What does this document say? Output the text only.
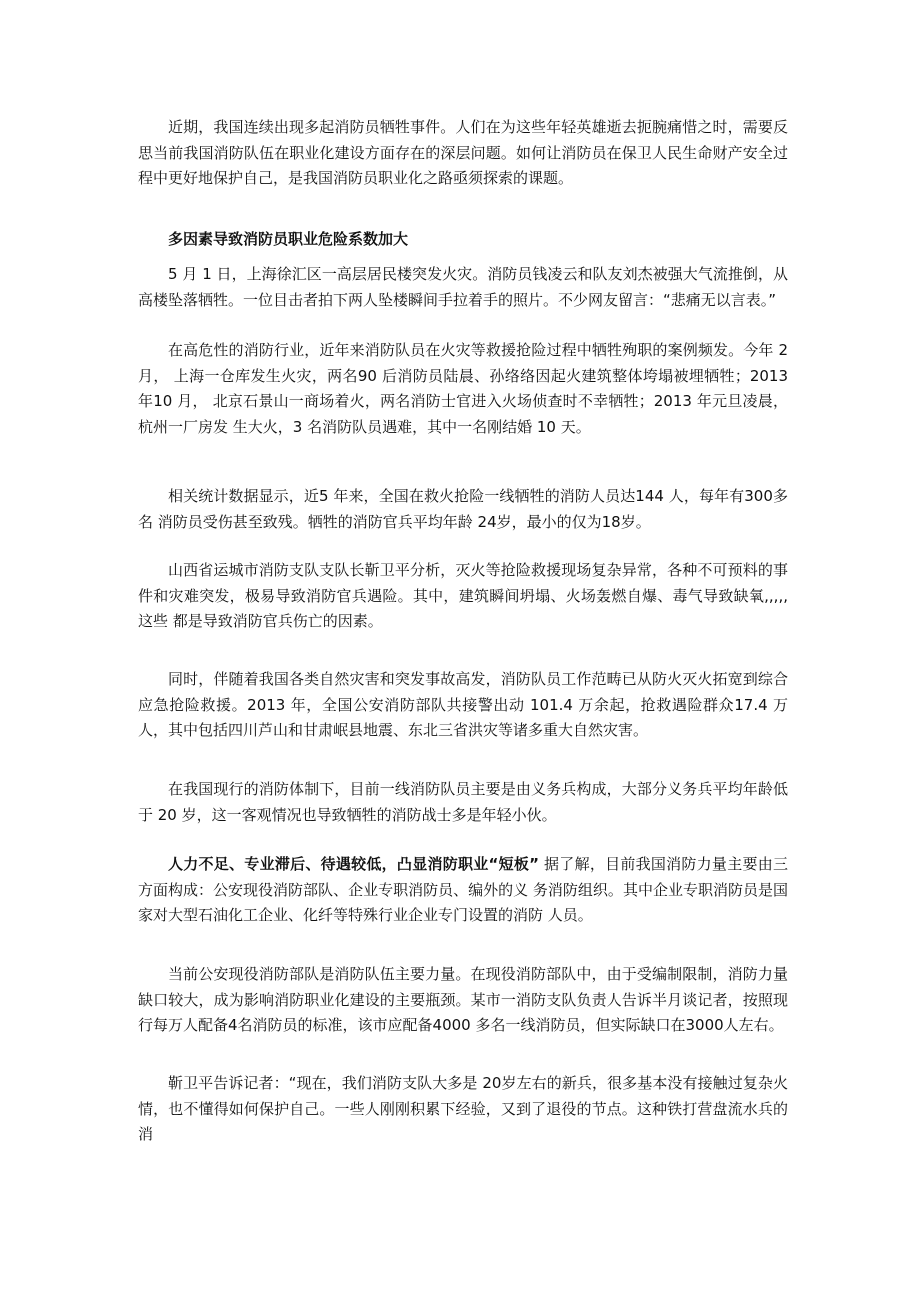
近期，我国连续出现多起消防员牺牲事件。人们在为这些年轻英雄逝去扼腕痛惜之时，需要反思当前我国消防队伍在职业化建设方面存在的深层问题。如何让消防员在保卫人民生命财产安全过程中更好地保护自己，是我国消防员职业化之路亟须探索的课题。

多因素导致消防员职业危险系数加大

5 月 1 日，上海徐汇区一高层居民楼突发火灾。消防员钱凌云和队友刘杰被强大气流推倒，从高楼坠落牺牲。一位目击者拍下两人坠楼瞬间手拉着手的照片。不少网友留言：“悲痛无以言表。”

在高危性的消防行业，近年来消防队员在火灾等救援抢险过程中牺牲殉职的案例频发。今年 2 月， 上海一仓库发生火灾，两名90 后消防员陆晨、孙络络因起火建筑整体垮塌被埋牺牲；2013 年10 月， 北京石景山一商场着火，两名消防士官进入火场侦查时不幸牺牲；2013 年元旦凌晨，杭州一厂房发 生大火，3 名消防队员遇难，其中一名刚结婚 10 天。

相关统计数据显示，近5 年来，全国在救火抢险一线牺牲的消防人员达144 人，每年有300多名 消防员受伤甚至致残。牺牲的消防官兵平均年龄 24岁，最小的仅为18岁。

山西省运城市消防支队支队长靳卫平分析，灭火等抢险救援现场复杂异常，各种不可预料的事件和灾难突发，极易导致消防官兵遇险。其中，建筑瞬间坍塌、火场轰燃自爆、毒气导致缺氧,,,,,这些 都是导致消防官兵伤亡的因素。

同时，伴随着我国各类自然灾害和突发事故高发，消防队员工作范畴已从防火灭火拓宽到综合应急抢险救援。2013 年，全国公安消防部队共接警出动 101.4 万余起，抢救遇险群众17.4 万人，其中包括四川芦山和甘肃岷县地震、东北三省洪灾等诸多重大自然灾害。

在我国现行的消防体制下，目前一线消防队员主要是由义务兵构成，大部分义务兵平均年龄低于 20 岁，这一客观情况也导致牺牲的消防战士多是年轻小伙。

人力不足、专业滞后、待遇较低，凸显消防职业“短板” 据了解，目前我国消防力量主要由三方面构成：公安现役消防部队、企业专职消防员、编外的义 务消防组织。其中企业专职消防员是国家对大型石油化工企业、化纤等特殊行业企业专门设置的消防 人员。

当前公安现役消防部队是消防队伍主要力量。在现役消防部队中，由于受编制限制，消防力量缺口较大，成为影响消防职业化建设的主要瓶颈。某市一消防支队负责人告诉半月谈记者，按照现行每万人配备4名消防员的标准，该市应配备4000 多名一线消防员，但实际缺口在3000人左右。

靳卫平告诉记者：“现在，我们消防支队大多是 20岁左右的新兵，很多基本没有接触过复杂火情，也不懂得如何保护自己。一些人刚刚积累下经验，又到了退役的节点。这种铁打营盘流水兵的消
